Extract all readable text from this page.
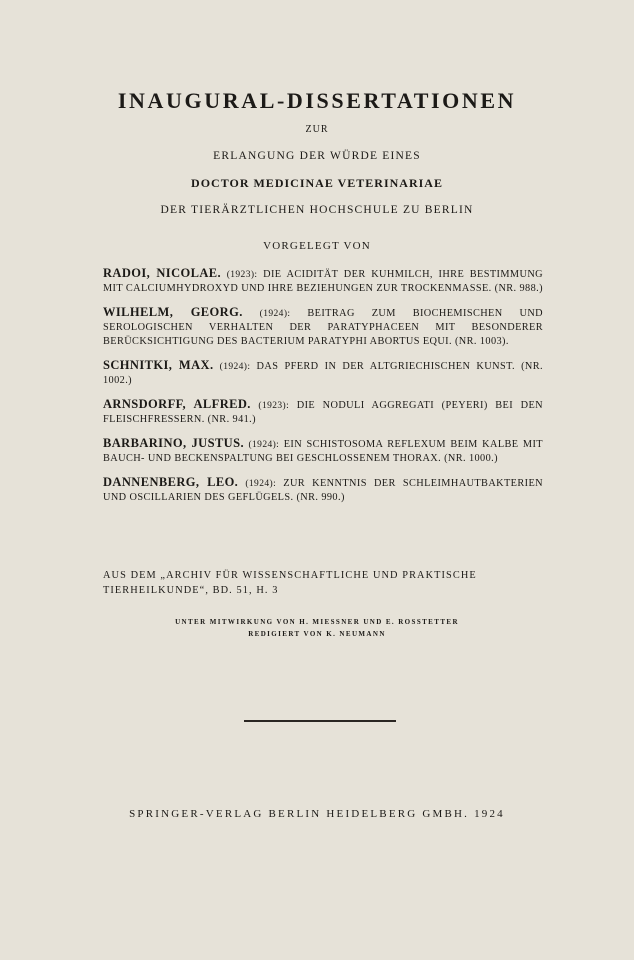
INAUGURAL-DISSERTATIONEN
ZUR
ERLANGUNG DER WÜRDE EINES
DOCTOR MEDICINAE VETERINARIAE
DER TIERÄRZTLICHEN HOCHSCHULE ZU BERLIN
VORGELEGT VON
RADOI, NICOLAE. (1923): DIE ACIDITÄT DER KUHMILCH, IHRE BESTIMMUNG MIT CALCIUMHYDROXYD UND IHRE BEZIEHUNGEN ZUR TROCKENMASSE. (NR. 988.)
WILHELM, GEORG. (1924): BEITRAG ZUM BIOCHEMISCHEN UND SEROLOGISCHEN VERHALTEN DER PARATYPHACEEN MIT BESONDERER BERÜCKSICHTIGUNG DES BACTERIUM PARATYPHI ABORTUS EQUI. (NR. 1003).
SCHNITKI, MAX. (1924): DAS PFERD IN DER ALTGRIECHISCHEN KUNST. (NR. 1002.)
ARNSDORFF, ALFRED. (1923): DIE NODULI AGGREGATI (PEYERI) BEI DEN FLEISCHFRESSERN. (NR. 941.)
BARBARINO, JUSTUS. (1924): EIN SCHISTOSOMA REFLEXUM BEIM KALBE MIT BAUCH- UND BECKENSPALTUNG BEI GESCHLOSSENEM THORAX. (NR. 1000.)
DANNENBERG, LEO. (1924): ZUR KENNTNIS DER SCHLEIMHAUTBAKTERIEN UND OSCILLARIEN DES GEFLÜGELS. (NR. 990.)
AUS DEM „ARCHIV FÜR WISSENSCHAFTLICHE UND PRAKTISCHE TIERHEILKUNDE“, BD. 51, H. 3
UNTER MITWIRKUNG VON H. MIESSNER UND E. ROSSTETTER
REDIGIERT VON K. NEUMANN
SPRINGER-VERLAG BERLIN HEIDELBERG GMBH. 1924
